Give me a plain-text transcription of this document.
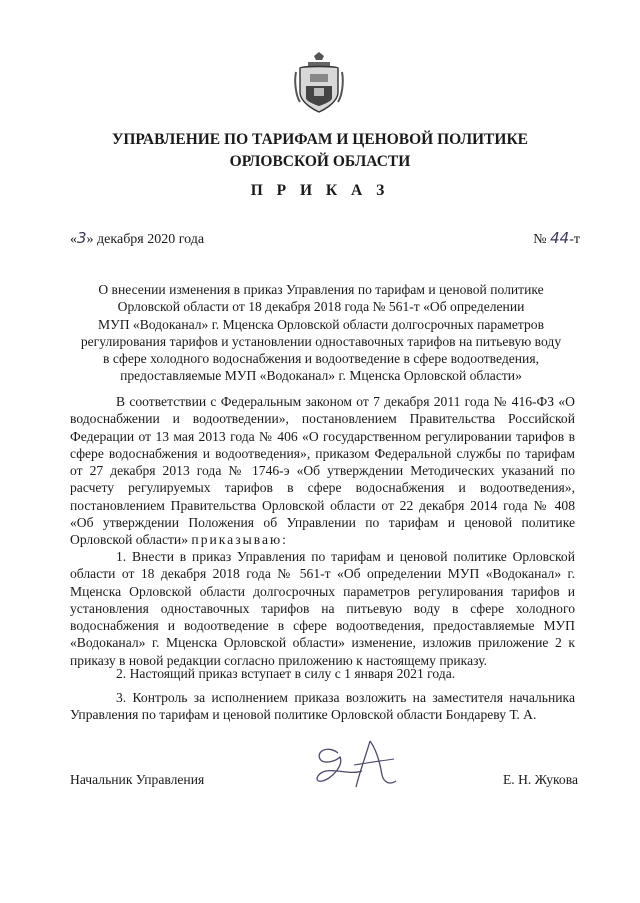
УПРАВЛЕНИЕ ПО ТАРИФАМ И ЦЕНОВОЙ ПОЛИТИКЕ
ОРЛОВСКОЙ ОБЛАСТИ
П Р И К А З
«3» декабря 2020 года	№ 44-т
О внесении изменения в приказ Управления по тарифам и ценовой политике
Орловской области от 18 декабря 2018 года № 561-т «Об определении
МУП «Водоканал» г. Мценска Орловской области долгосрочных параметров
регулирования тарифов и установлении одноставочных тарифов на питьевую воду
в сфере холодного водоснабжения и водоотведение в сфере водоотведения,
предоставляемые МУП «Водоканал» г. Мценска Орловской области»

В соответствии с Федеральным законом от 7 декабря 2011 года № 416-ФЗ «О водоснабжении и водоотведении», постановлением Правительства Российской Федерации от 13 мая 2013 года № 406 «О государственном регулировании тарифов в сфере водоснабжения и водоотведения», приказом Федеральной службы по тарифам от 27 декабря 2013 года № 1746-э «Об утверждении Методических указаний по расчету регулируемых тарифов в сфере водоснабжения и водоотведения», постановлением Правительства Орловской области от 22 декабря 2014 года № 408 «Об утверждении Положения об Управлении по тарифам и ценовой политике Орловской области» приказываю:

1. Внести в приказ Управления по тарифам и ценовой политике Орловской области от 18 декабря 2018 года № 561-т «Об определении МУП «Водоканал» г. Мценска Орловской области долгосрочных параметров регулирования тарифов и установления одноставочных тарифов на питьевую воду в сфере холодного водоснабжения и водоотведение в сфере водоотведения, предоставляемые МУП «Водоканал» г. Мценска Орловской области» изменение, изложив приложение 2 к приказу в новой редакции согласно приложению к настоящему приказу.

2. Настоящий приказ вступает в силу с 1 января 2021 года.

3. Контроль за исполнением приказа возложить на заместителя начальника Управления по тарифам и ценовой политике Орловской области Бондареву Т. А.

Начальник Управления	Е. Н. Жукова
